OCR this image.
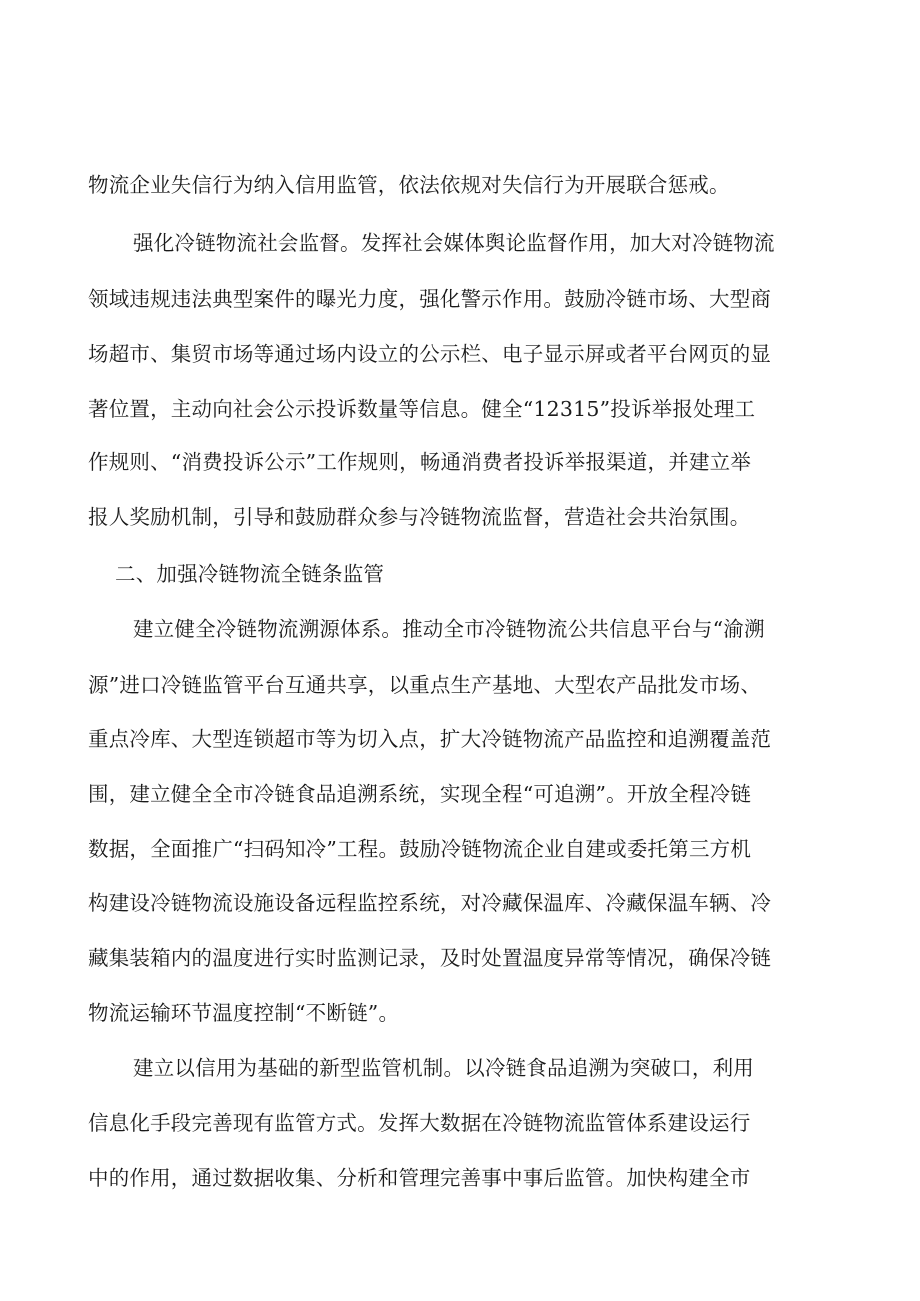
物流企业失信行为纳入信用监管，依法依规对失信行为开展联合惩戒。
强化冷链物流社会监督。发挥社会媒体舆论监督作用，加大对冷链物流
领域违规违法典型案件的曝光力度，强化警示作用。鼓励冷链市场、大型商
场超市、集贸市场等通过场内设立的公示栏、电子显示屏或者平台网页的显
著位置，主动向社会公示投诉数量等信息。健全“12315”投诉举报处理工
作规则、“消费投诉公示”工作规则，畅通消费者投诉举报渠道，并建立举
报人奖励机制，引导和鼓励群众参与冷链物流监督，营造社会共治氛围。
二、加强冷链物流全链条监管
建立健全冷链物流溯源体系。推动全市冷链物流公共信息平台与“渝溯
源”进口冷链监管平台互通共享，以重点生产基地、大型农产品批发市场、
重点冷库、大型连锁超市等为切入点，扩大冷链物流产品监控和追溯覆盖范
围，建立健全全市冷链食品追溯系统，实现全程“可追溯”。开放全程冷链
数据，全面推广“扫码知冷”工程。鼓励冷链物流企业自建或委托第三方机
构建设冷链物流设施设备远程监控系统，对冷藏保温库、冷藏保温车辆、冷
藏集装箱内的温度进行实时监测记录，及时处置温度异常等情况，确保冷链
物流运输环节温度控制“不断链”。
建立以信用为基础的新型监管机制。以冷链食品追溯为突破口，利用
信息化手段完善现有监管方式。发挥大数据在冷链物流监管体系建设运行
中的作用，通过数据收集、分析和管理完善事中事后监管。加快构建全市
